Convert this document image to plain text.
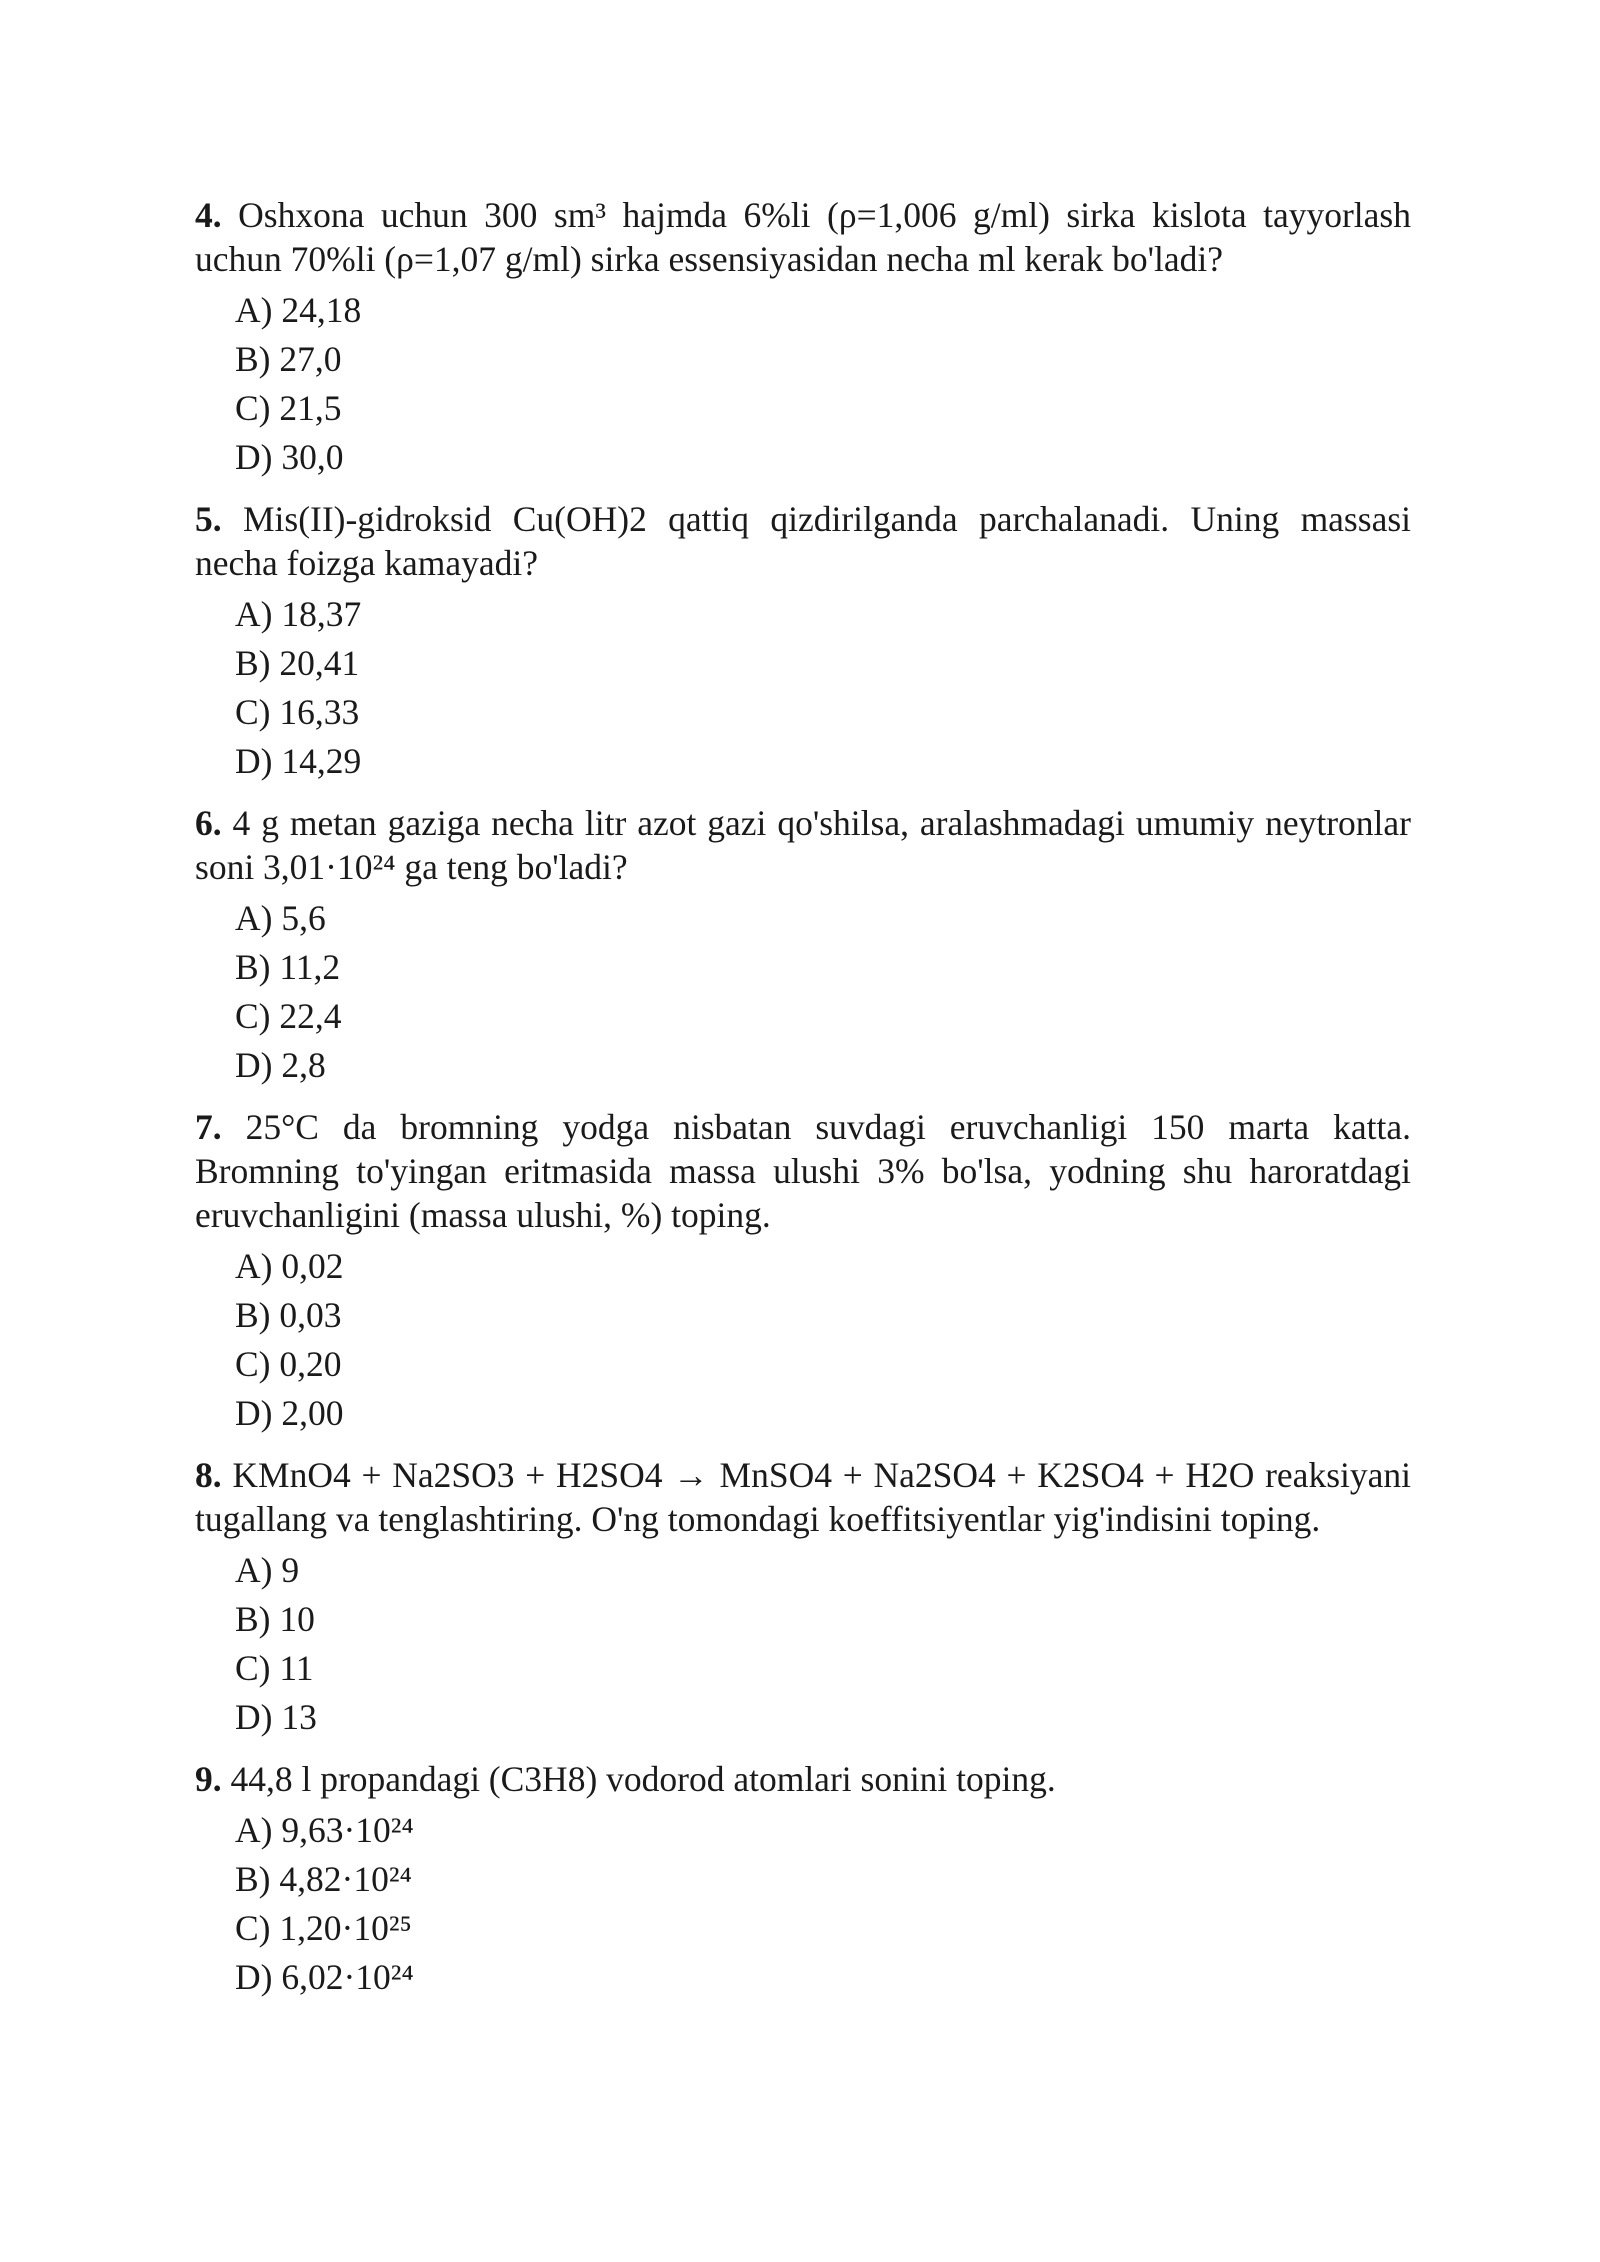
4. Oshxona uchun 300 sm³ hajmda 6%li (ρ=1,006 g/ml) sirka kislota tayyorlash uchun 70%li (ρ=1,07 g/ml) sirka essensiyasidan necha ml kerak bo'ladi?

A) 24,18
B) 27,0
C) 21,5
D) 30,0

5. Mis(II)-gidroksid Cu(OH)2 qattiq qizdirilganda parchalanadi. Uning massasi necha foizga kamayadi?

A) 18,37
B) 20,41
C) 16,33
D) 14,29

6. 4 g metan gaziga necha litr azot gazi qo'shilsa, aralashmadagi umumiy neytronlar soni 3,01·10²⁴ ga teng bo'ladi?

A) 5,6
B) 11,2
C) 22,4
D) 2,8

7. 25°C da bromning yodga nisbatan suvdagi eruvchanligi 150 marta katta. Bromning to'yingan eritmasida massa ulushi 3% bo'lsa, yodning shu haroratdagi eruvchanligini (massa ulushi, %) toping.

A) 0,02
B) 0,03
C) 0,20
D) 2,00

8. KMnO4 + Na2SO3 + H2SO4 → MnSO4 + Na2SO4 + K2SO4 + H2O reaksiyani tugallang va tenglashtiring. O'ng tomondagi koeffitsiyentlar yig'indisini toping.

A) 9
B) 10
C) 11
D) 13

9. 44,8 l propandagi (C3H8) vodorod atomlari sonini toping.

A) 9,63·10²⁴
B) 4,82·10²⁴
C) 1,20·10²⁵
D) 6,02·10²⁴
